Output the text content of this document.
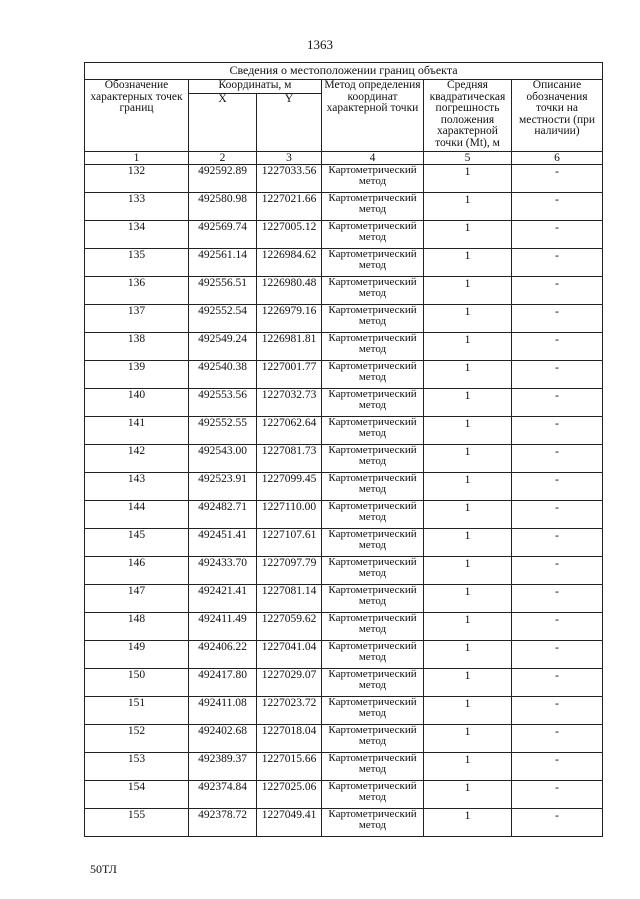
1363
Сведения о местоположении границ объекта					
Обозначение характерных точек границ	Координаты, м		Метод определения координат характерной точки	Средняя квадратическая погрешность положения характерной точки (Mt), м	Описание обозначения точки на местности (при наличии)
	X	Y			
1	2	3	4	5	6
132	492592.89	1227033.56	Картометрический метод	1	-
133	492580.98	1227021.66	Картометрический метод	1	-
134	492569.74	1227005.12	Картометрический метод	1	-
135	492561.14	1226984.62	Картометрический метод	1	-
136	492556.51	1226980.48	Картометрический метод	1	-
137	492552.54	1226979.16	Картометрический метод	1	-
138	492549.24	1226981.81	Картометрический метод	1	-
139	492540.38	1227001.77	Картометрический метод	1	-
140	492553.56	1227032.73	Картометрический метод	1	-
141	492552.55	1227062.64	Картометрический метод	1	-
142	492543.00	1227081.73	Картометрический метод	1	-
143	492523.91	1227099.45	Картометрический метод	1	-
144	492482.71	1227110.00	Картометрический метод	1	-
145	492451.41	1227107.61	Картометрический метод	1	-
146	492433.70	1227097.79	Картометрический метод	1	-
147	492421.41	1227081.14	Картометрический метод	1	-
148	492411.49	1227059.62	Картометрический метод	1	-
149	492406.22	1227041.04	Картометрический метод	1	-
150	492417.80	1227029.07	Картометрический метод	1	-
151	492411.08	1227023.72	Картометрический метод	1	-
152	492402.68	1227018.04	Картометрический метод	1	-
153	492389.37	1227015.66	Картометрический метод	1	-
154	492374.84	1227025.06	Картометрический метод	1	-
155	492378.72	1227049.41	Картометрический метод	1	-
50ТЛ
